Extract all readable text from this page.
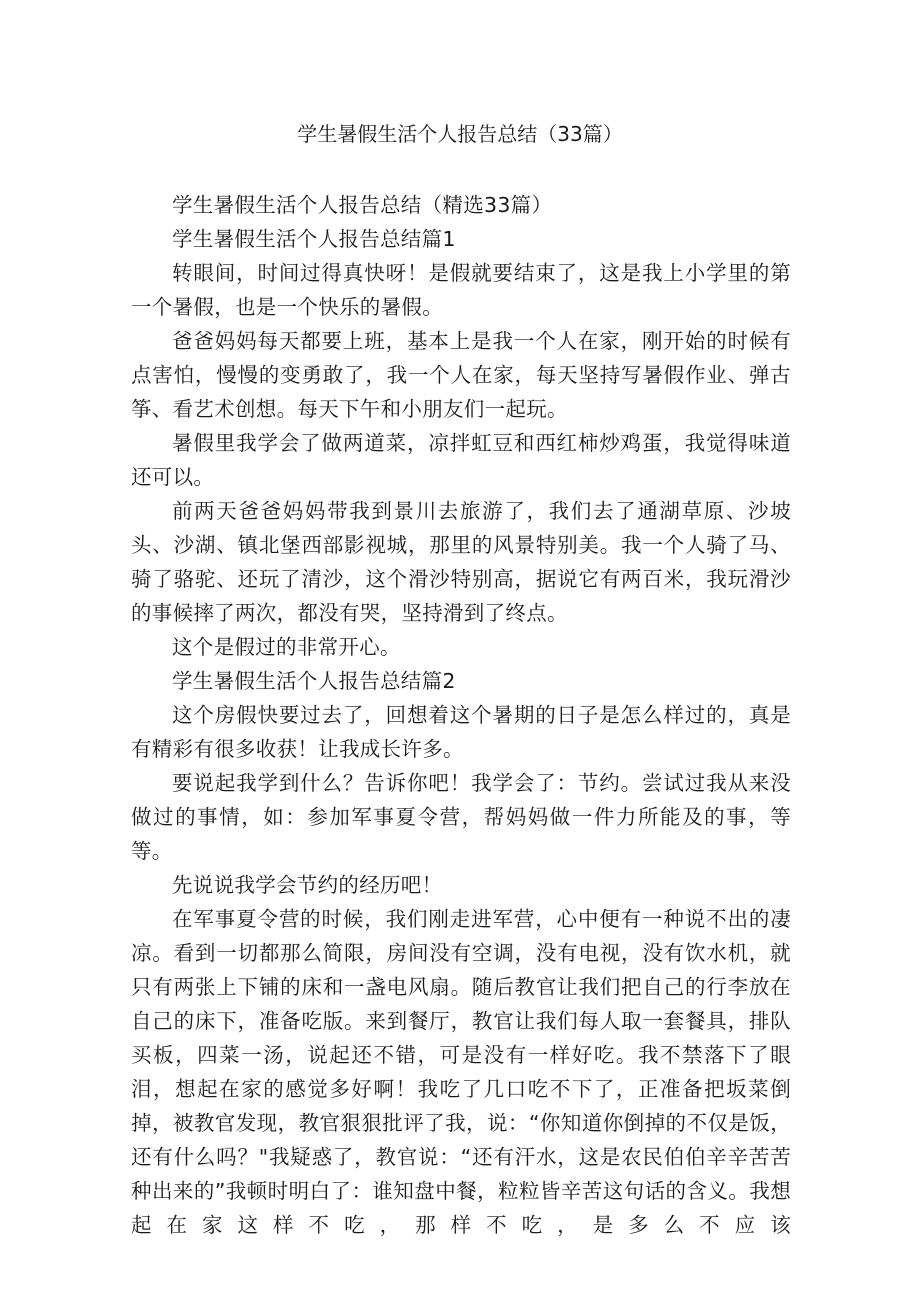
学生暑假生活个人报告总结（33篇）

学生暑假生活个人报告总结（精选33篇）

学生暑假生活个人报告总结篇1

转眼间，时间过得真快呀！是假就要结束了，这是我上小学里的第一个暑假，也是一个快乐的暑假。

爸爸妈妈每天都要上班，基本上是我一个人在家，刚开始的时候有点害怕，慢慢的变勇敢了，我一个人在家，每天坚持写暑假作业、弹古筝、看艺术创想。每天下午和小朋友们一起玩。

暑假里我学会了做两道菜，凉拌虹豆和西红柿炒鸡蛋，我觉得味道还可以。

前两天爸爸妈妈带我到景川去旅游了，我们去了通湖草原、沙坡头、沙湖、镇北堡西部影视城，那里的风景特别美。我一个人骑了马、骑了骆驼、还玩了清沙，这个滑沙特别高，据说它有两百米，我玩滑沙的事候摔了两次，都没有哭，坚持滑到了终点。

这个是假过的非常开心。

学生暑假生活个人报告总结篇2

这个房假快要过去了，回想着这个暑期的日子是怎么样过的，真是有精彩有很多收获！让我成长许多。

要说起我学到什么？告诉你吧！我学会了：节约。尝试过我从来没做过的事情，如：参加军事夏令营，帮妈妈做一件力所能及的事，等等。

先说说我学会节约的经历吧！

在军事夏令营的时候，我们刚走进军营，心中便有一种说不出的凄凉。看到一切都那么简限，房间没有空调，没有电视，没有饮水机，就只有两张上下铺的床和一盏电风扇。随后教官让我们把自己的行李放在自己的床下，准备吃版。来到餐厅，教官让我们每人取一套餐具，排队买板，四菜一汤，说起还不错，可是没有一样好吃。我不禁落下了眼泪，想起在家的感觉多好啊！我吃了几口吃不下了，正准备把坂菜倒掉，被教官发现，教官狠狠批评了我，说：“你知道你倒掉的不仅是饭，还有什么吗？"我疑惑了，教官说：“还有汗水，这是农民伯伯辛辛苦苦种出来的”我顿时明白了：谁知盘中餐，粒粒皆辛苦这句话的含义。我想起在家这样不吃，那样不吃，是多么不应该
